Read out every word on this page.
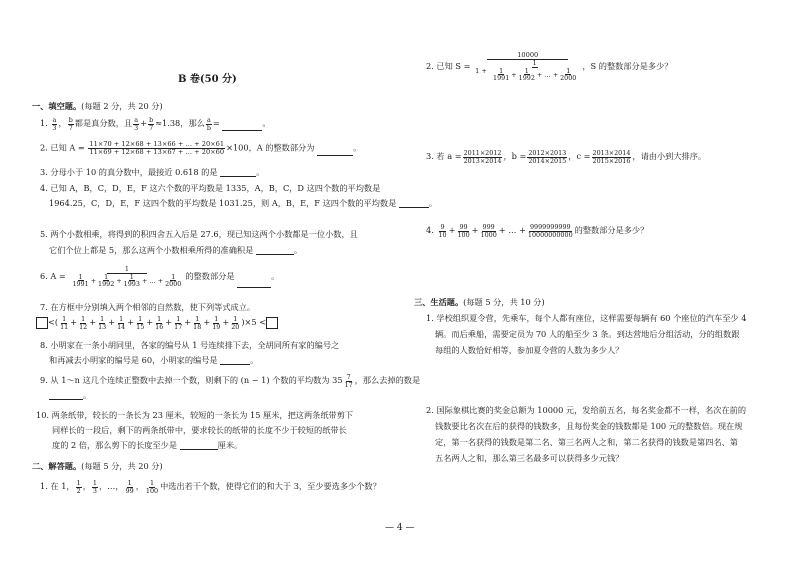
B 卷(50 分)
一、填空题。(每题 2 分，共 20 分)
1. $\frac{a}{3}$ ， $\frac{b}{7}$ 都是真分数，且 $\frac{a}{3} + \frac{b}{7} \approx 1.38$，那么 $\frac{a}{b}$ =	。
2. 已知 $A = \frac{11\times 70 + 12\times 68 + 13\times 66 + \dots + 20\times 61}{11\times 69 + 12\times 68 + 13\times 67 + \dots + 20\times 60} \times 100$，A 的整数部分为	。
3. 分母小于 10 的真分数中，最接近 0.618 的是	。
4. 已知 A，B，C，D，E，F 这六个数的平均数是 1335，A，B，C，D 这四个数的平均数是
1964.25，C，D，E，F 这四个数的平均数是 1031.25，则 A，B，E，F 这四个数的平均数是	。
5. 两个小数相乘，将得到的积四舍五入后是 27.6，现已知这两个小数都是一位小数，且
它们个位上都是 5，那么这两个小数相乘所得的准确积是	。
6. $A = \frac{1}{\frac{1}{1991} + \frac{1}{1992} + \frac{1}{1993} + \dots + \frac{1}{2000}}$ 的整数部分是	。
7. 在方框中分别填入两个相邻的自然数，使下列等式成立。
<( $\frac{1}{11} + \frac{1}{12} + \frac{1}{13} + \frac{1}{14} + \frac{1}{15} + \frac{1}{16} + \frac{1}{17} + \frac{1}{18} + \frac{1}{19} + \frac{1}{20} )\times 5$ <
8. 小明家在一条小胡同里，各家的编号从 1 号连续排下去，全胡同所有家的编号之
和再减去小明家的编号是 60，小明家的编号是	。
9. 从 1～n 这几个连续正整数中去掉一个数，则剩下的 (n − 1) 个数的平均数为 $35 \frac{7}{17}$ ，那么去掉的数是
。
10. 两条纸带，较长的一条长为 23 厘米，较短的一条长为 15 厘米，把这两条纸带剪下
同样长的一段后，剩下的两条纸带中，要求较长的纸带的长度不少于较短的纸带长
度的 2 倍，那么剪下的长度至少是	厘米。
二、解答题。(每题 5 分，共 20 分)
1. 在 1， $\frac{1}{2}$ ， $\frac{1}{3}$ ，…， $\frac{1}{99}$ ， $\frac{1}{100}$ 中选出若干个数，使得它们的和大于 3，至少要选多少个数？
2. 已知 S =
10000
$1 + \frac{1}{\frac{1}{1991} + \frac{1}{1992} + \dots + \frac{1}{2000}}$ ，S 的整数部分是多少？
3. 若 $a = \frac{2011\times 2012}{2013\times 2014}$ ，$b = \frac{2012\times 2013}{2014\times 2015}$ ，$c = \frac{2013\times 2014}{2015\times 2016}$ ，请由小到大排序。
4. $\frac{9}{10} + \frac{99}{100} + \frac{999}{1000}$ + … + $\frac{9999999999}{10000000000}$ 的整数部分是多少？
三、生活题。(每题 5 分，共 10 分)
1. 学校组织夏令营，先乘车，每个人都有座位，这样需要每辆有 60 个座位的汽车至少 4
辆。而后乘船，需要定员为 70 人的船至少 3 条。到达营地后分组活动，分的组数跟
每组的人数恰好相等，参加夏令营的人数为多少人？
2. 国际象棋比赛的奖金总额为 10000 元，发给前五名，每名奖金都不一样，名次在前的
钱数要比名次在后的获得的钱数多，且每份奖金的钱数都是 100 元的整数倍。现在规
定，第一名获得的钱数是第二名、第三名两人之和，第二名获得的钱数是第四名、第
五名两人之和，那么第三名最多可以获得多少元钱？
— 4 —
